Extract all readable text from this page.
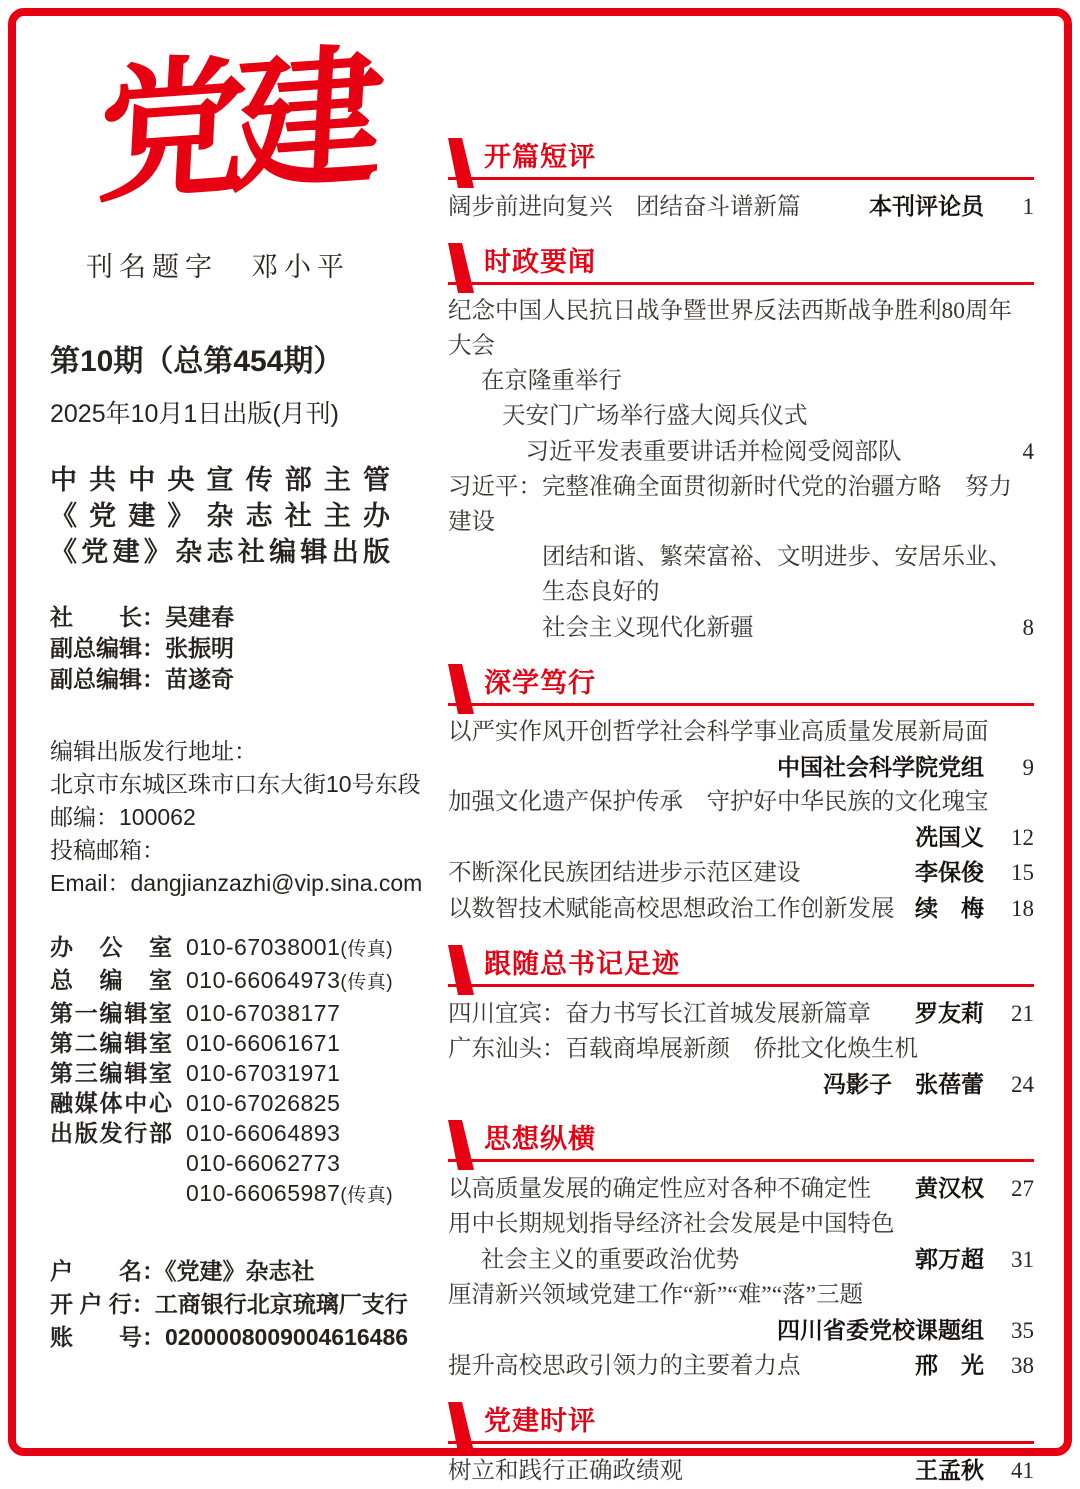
党建
刊名题字　邓小平
第10期（总第454期）
2025年10月1日出版(月刊)
中共中央宣传部主管
《党建》杂志社主办
《党建》杂志社编辑出版
社　　长：吴建春
副总编辑：张振明
副总编辑：苗遂奇
编辑出版发行地址：
北京市东城区珠市口东大街10号东段
邮编：100062
投稿邮箱：
Email：dangjianzazhi@vip.sina.com
办公室 010-67038001(传真)
总编室 010-66064973(传真)
第一编辑室 010-67038177
第二编辑室 010-66061671
第三编辑室 010-67031971
融媒体中心 010-67026825
出版发行部 010-66064893
010-66062773
010-66065987(传真)
户　　名：《党建》杂志社
开 户 行：工商银行北京琉璃厂支行
账　　号：0200008009004616486
开篇短评
阔步前进向复兴　团结奋斗谱新篇	本刊评论员	1
时政要闻
纪念中国人民抗日战争暨世界反法西斯战争胜利80周年大会
在京隆重举行
天安门广场举行盛大阅兵仪式
习近平发表重要讲话并检阅受阅部队	4
习近平：完整准确全面贯彻新时代党的治疆方略　努力建设
团结和谐、繁荣富裕、文明进步、安居乐业、生态良好的
社会主义现代化新疆	8
深学笃行
以严实作风开创哲学社会科学事业高质量发展新局面
中国社会科学院党组	9
加强文化遗产保护传承　守护好中华民族的文化瑰宝
冼国义	12
不断深化民族团结进步示范区建设	李保俊	15
以数智技术赋能高校思想政治工作创新发展 续　梅	18
跟随总书记足迹
四川宜宾：奋力书写长江首城发展新篇章 罗友莉	21
广东汕头：百载商埠展新颜　侨批文化焕生机
冯影子　张蓓蕾	24
思想纵横
以高质量发展的确定性应对各种不确定性 黄汉权	27
用中长期规划指导经济社会发展是中国特色
社会主义的重要政治优势	郭万超	31
厘清新兴领域党建工作“新”“难”“落”三题
四川省委党校课题组	35
提升高校思政引领力的主要着力点	邢　光	38
党建时评
树立和践行正确政绩观	王孟秋	41
